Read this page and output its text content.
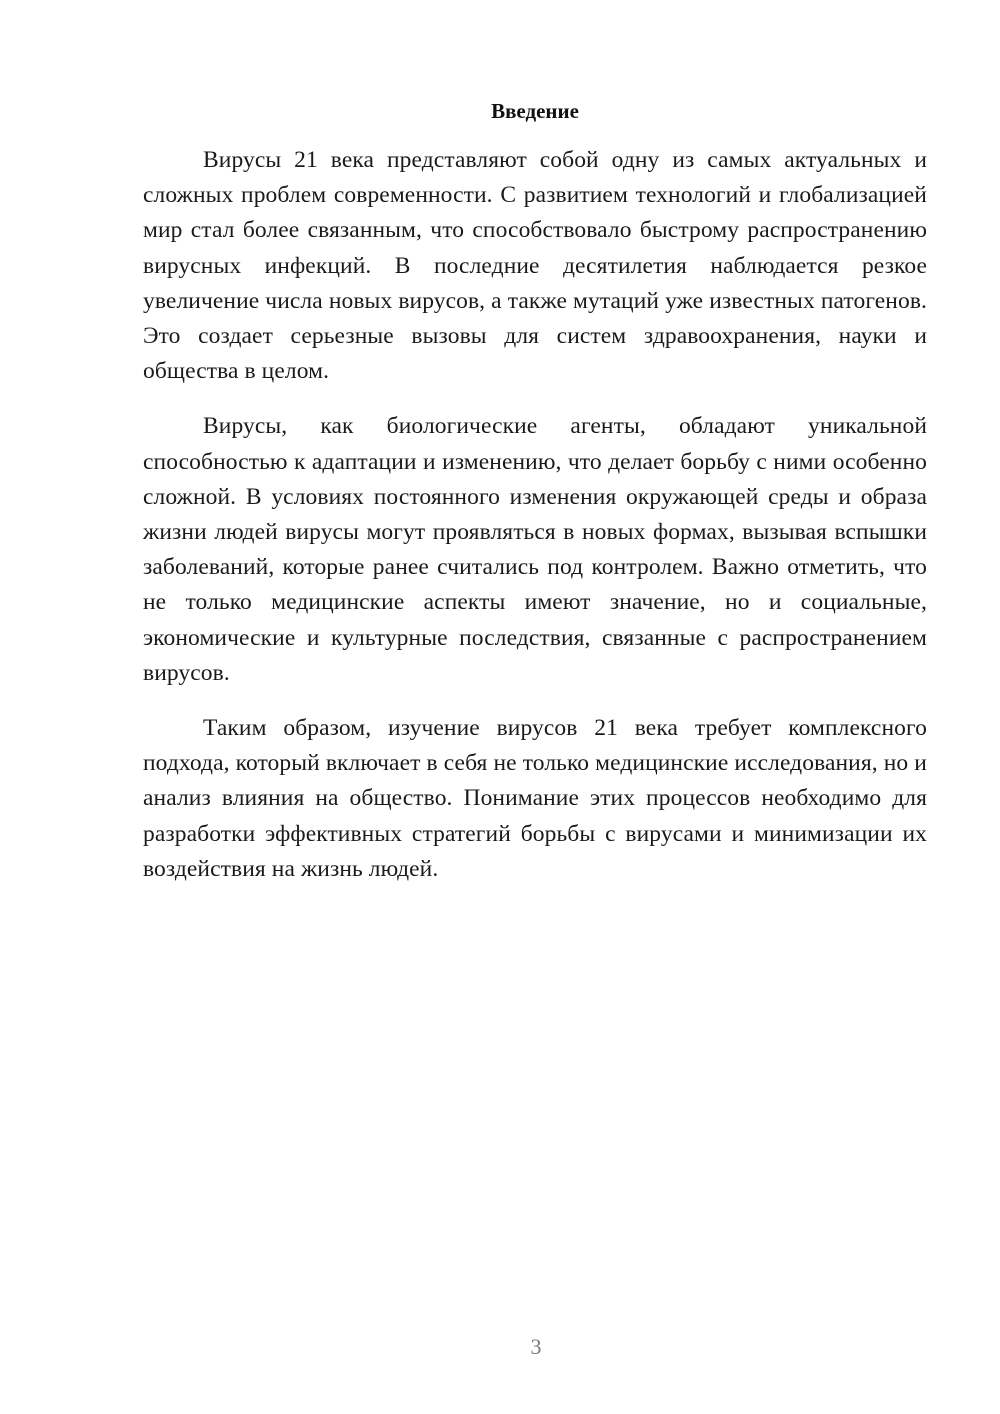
Введение

Вирусы 21 века представляют собой одну из самых актуальных и сложных проблем современности. С развитием технологий и глобализацией мир стал более связанным, что способствовало быстрому распространению вирусных инфекций. В последние десятилетия наблюдается резкое увеличение числа новых вирусов, а также мутаций уже известных патогенов. Это создает серьезные вызовы для систем здравоохранения, науки и общества в целом.

Вирусы, как биологические агенты, обладают уникальной способностью к адаптации и изменению, что делает борьбу с ними особенно сложной. В условиях постоянного изменения окружающей среды и образа жизни людей вирусы могут проявляться в новых формах, вызывая вспышки заболеваний, которые ранее считались под контролем. Важно отметить, что не только медицинские аспекты имеют значение, но и социальные, экономические и культурные последствия, связанные с распространением вирусов.

Таким образом, изучение вирусов 21 века требует комплексного подхода, который включает в себя не только медицинские исследования, но и анализ влияния на общество. Понимание этих процессов необходимо для разработки эффективных стратегий борьбы с вирусами и минимизации их воздействия на жизнь людей.

3
